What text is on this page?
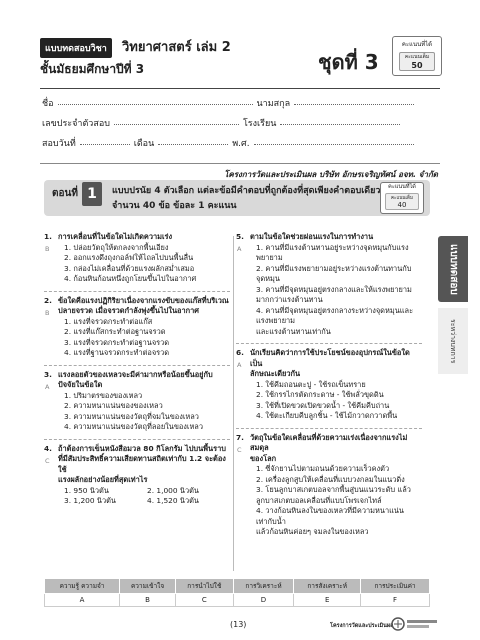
แบบทดสอบวิชา	วิทยาศาสตร์ เล่ม 2
ชั้นมัธยมศึกษาปีที่ 3	ชุดที่ 3
คะแนนที่ได้
คะแนนเต็ม
50
ชื่อ	นามสกุล
เลขประจำตัวสอบ	โรงเรียน
สอบวันที่	เดือน	พ.ศ.
โครงการวัดและประเมินผล บริษัท อักษรเจริญทัศน์ อจท. จำกัด
ตอนที่ 1	แบบปรนัย 4 ตัวเลือก แต่ละข้อมีคำตอบที่ถูกต้องที่สุดเพียงคำตอบเดียว
จำนวน 40 ข้อ ข้อละ 1 คะแนน
คะแนนที่ได้
คะแนนเต็ม
40
1.
B
การเคลื่อนที่ในข้อใดไม่เกิดความเร่ง
1. ปล่อยวัตถุให้ตกลงจากพื้นเอียง
2. ออกแรงดึงถุงกอล์ฟให้ไถลไปบนพื้นลื่น
3. กล่องไม่เคลื่อนที่ด้วยแรงผลักสม่ำเสมอ
4. ก้อนหินก้อนหนึ่งถูกโยนขึ้นไปในอากาศ
2.
B
ข้อใดคือแรงปฏิกิริยาเนื่องจากแรงขับของแก๊สที่บริเวณ
ปลายจรวด เมื่อจรวดกำลังพุ่งขึ้นไปในอากาศ
1. แรงที่จรวดกระทำต่อแก๊ส
2. แรงที่แก๊สกระทำต่อฐานจรวด
3. แรงที่จรวดกระทำต่อฐานจรวด
4. แรงที่ฐานจรวดกระทำต่อจรวด
3.
A
แรงลอยตัวของเหลวจะมีค่ามากหรือน้อยขึ้นอยู่กับ
ปัจจัยในข้อใด
1. ปริมาตรของของเหลว
2. ความหนาแน่นของของเหลว
3. ความหนาแน่นของวัตถุที่จมในของเหลว
4. ความหนาแน่นของวัตถุที่ลอยในของเหลว
4.
C
ถ้าต้องการเข็นหนังสือมวล 80 กิโลกรัม ไปบนพื้นราบ
ที่มีสัมประสิทธิ์ความเสียดทานสถิตเท่ากับ 1.2 จะต้องใช้
แรงผลักอย่างน้อยที่สุดเท่าไร
1. 950 นิวตัน	2. 1,000 นิวตัน
3. 1,200 นิวตัน	4. 1,520 นิวตัน
5.
A
ตามในข้อใดช่วยผ่อนแรงในการทำงาน
1. คานที่มีแรงต้านทานอยู่ระหว่างจุดหมุนกับแรง
พยายาม
2. คานที่มีแรงพยายามอยู่ระหว่างแรงต้านทานกับ
จุดหมุน
3. คานที่มีจุดหมุนอยู่ตรงกลางและให้แรงพยายาม
มากกว่าแรงต้านทาน
4. คานที่มีจุดหมุนอยู่ตรงกลางระหว่างจุดหมุนและแรงพยายาม
และแรงต้านทานเท่ากัน
6.
A
นักเรียนคิดว่าการใช้ประโยชน์ของอุปกรณ์ในข้อใดเป็น
ลักษณะเดียวกัน
1. ใช้คีมถอนตะปู - ใช้รถเข็นทราย
2. ใช้กรรไกรตัดกระดาษ - ใช้พลั่วขุดดิน
3. ใช้ที่เปิดขวดเปิดขวดน้ำ - ใช้คีมคีบถ่าน
4. ใช้ตะเกียบคีบลูกชิ้น - ใช้ไม้กวาดกวาดพื้น
7.
C
วัตถุในข้อใดเคลื่อนที่ด้วยความเร่งเนื่องจากแรงไม่สมดุล
ของโลก
1. ซี่จักยานไปตามถนนด้วยความเร็วคงตัว
2. เครื่องลูกสูบให้เคลื่อนที่แบบวงกลมในแนวดิ่ง
3. โยนลูกบาสเกตบอลจากพื้นสู่บนแนวระดับ แล้ว
ลูกบาสเกตบอลเคลื่อนที่แบบโพรเจกไทล์
4. วางก้อนหินลงในของเหลวที่มีความหนาแน่นเท่ากับน้ำ
แล้วก้อนหินค่อยๆ จมลงในของเหลว
แบบทดสอบ
ระหว่างบทการ
ความรู้ ความจำ	ความเข้าใจ	การนำไปใช้	การวิเคราะห์	การสังเคราะห์	การประเมินค่า
A	B	C	D	E	F
(13)	โครงการวัดและประเมินผล
